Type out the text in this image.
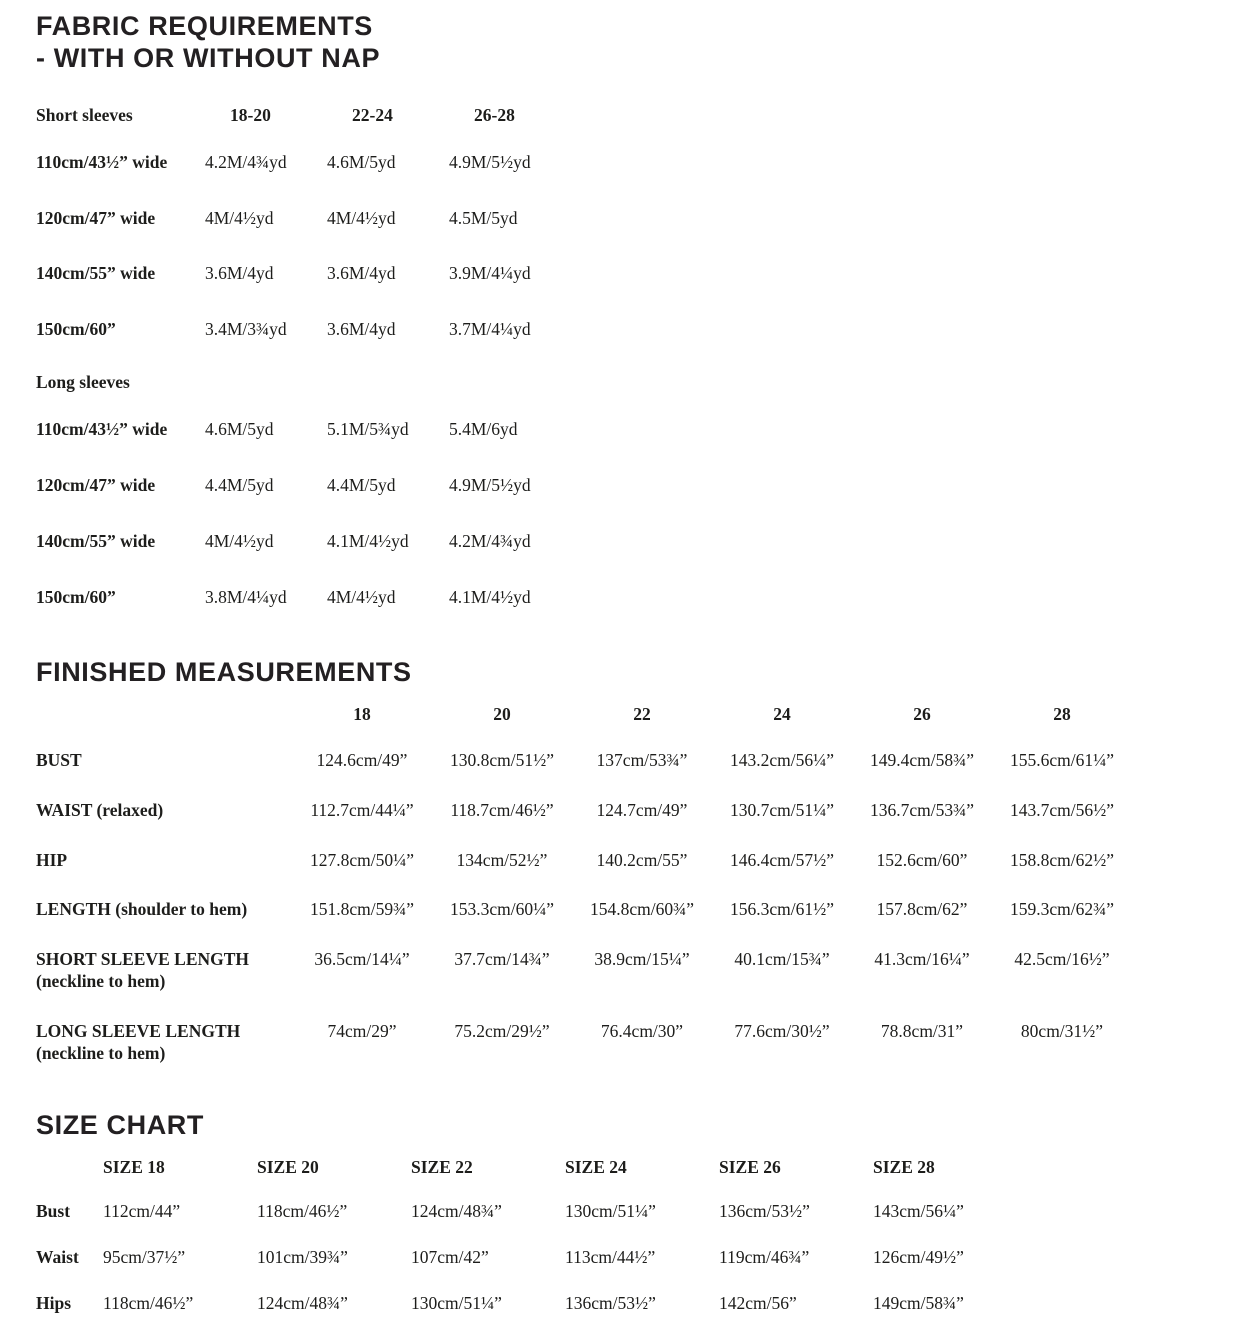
FABRIC REQUIREMENTS
- WITH OR WITHOUT NAP
Short sleeves	18-20	22-24	26-28
110cm/43½” wide	4.2M/4¾yd	4.6M/5yd	4.9M/5½yd
120cm/47” wide	4M/4½yd	4M/4½yd	4.5M/5yd
140cm/55” wide	3.6M/4yd	3.6M/4yd	3.9M/4¼yd
150cm/60”	3.4M/3¾yd	3.6M/4yd	3.7M/4¼yd
Long sleeves			
110cm/43½” wide	4.6M/5yd	5.1M/5¾yd	5.4M/6yd
120cm/47” wide	4.4M/5yd	4.4M/5yd	4.9M/5½yd
140cm/55” wide	4M/4½yd	4.1M/4½yd	4.2M/4¾yd
150cm/60”	3.8M/4¼yd	4M/4½yd	4.1M/4½yd
FINISHED MEASUREMENTS
	18	20	22	24	26	28
BUST	124.6cm/49”	130.8cm/51½”	137cm/53¾”	143.2cm/56¼”	149.4cm/58¾”	155.6cm/61¼”
WAIST (relaxed)	112.7cm/44¼”	118.7cm/46½”	124.7cm/49”	130.7cm/51¼”	136.7cm/53¾”	143.7cm/56½”
HIP	127.8cm/50¼”	134cm/52½”	140.2cm/55”	146.4cm/57½”	152.6cm/60”	158.8cm/62½”
LENGTH (shoulder to hem)	151.8cm/59¾”	153.3cm/60¼”	154.8cm/60¾”	156.3cm/61½”	157.8cm/62”	159.3cm/62¾”
SHORT SLEEVE LENGTH
(neckline to hem)	36.5cm/14¼”	37.7cm/14¾”	38.9cm/15¼”	40.1cm/15¾”	41.3cm/16¼”	42.5cm/16½”
LONG SLEEVE LENGTH
(neckline to hem)	74cm/29”	75.2cm/29½”	76.4cm/30”	77.6cm/30½”	78.8cm/31”	80cm/31½”
SIZE CHART
	SIZE 18	SIZE 20	SIZE 22	SIZE 24	SIZE 26	SIZE 28
Bust	112cm/44”	118cm/46½”	124cm/48¾”	130cm/51¼”	136cm/53½”	143cm/56¼”
Waist	95cm/37½”	101cm/39¾”	107cm/42”	113cm/44½”	119cm/46¾”	126cm/49½”
Hips	118cm/46½”	124cm/48¾”	130cm/51¼”	136cm/53½”	142cm/56”	149cm/58¾”
